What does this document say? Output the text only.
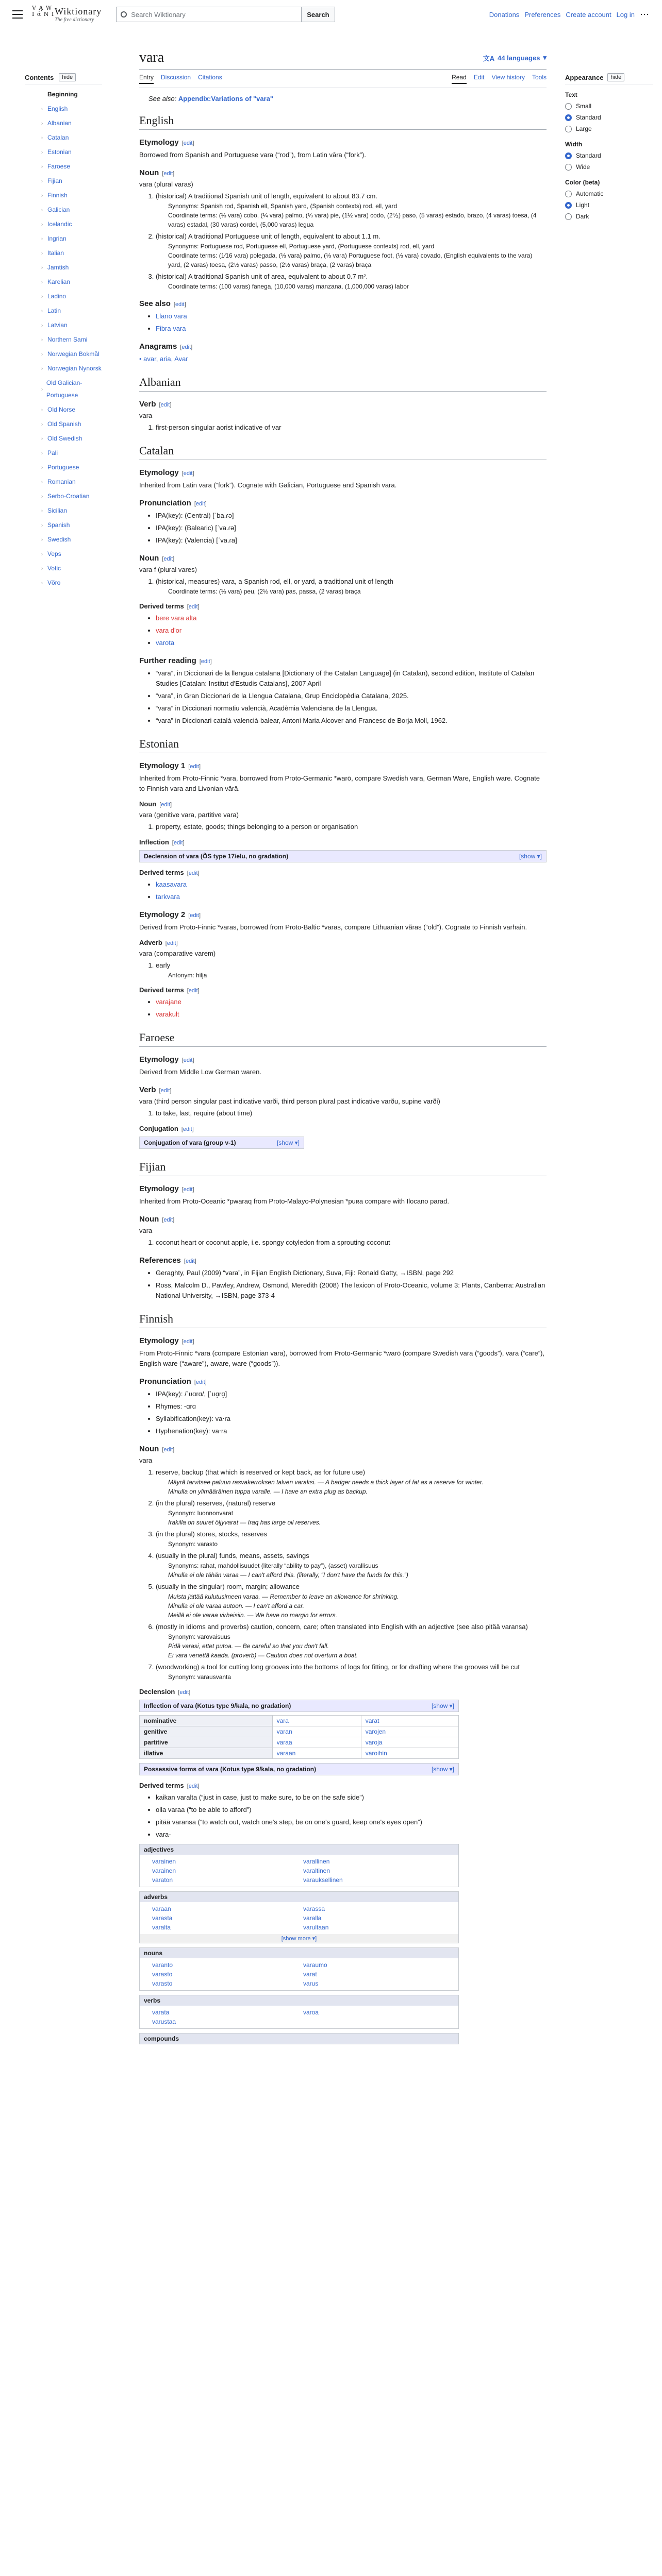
V Ą W I ά N I Wiktionary
The free dictionary
Search Wiktionary	Search	Donations Preferences Create account Log in ⋯
Contents	hide
Beginning
› English
› Albanian
› Catalan
› Estonian
› Faroese
› Fijian
› Finnish
› Galician
› Icelandic
› Ingrian
› Italian
› Jamtish
› Karelian
› Ladino
› Latin
› Latvian
› Northern Sami
› Norwegian Bokmål
› Norwegian Nynorsk
›
Old Galician-Portuguese
› Old Norse
› Old Spanish
› Old Swedish
› Pali
› Portuguese
› Romanian
› Serbo-Croatian
› Sicilian
› Spanish
› Swedish
› Veps
› Votic
› Võro
vara	文A 44 languages ▾
Entry Discussion Citations	Read Edit View history Tools
See also: Appendix:Variations of "vara"
English
Etymology [edit]

Borrowed from Spanish and Portuguese vara (“rod”), from Latin vāra (“fork”).

Noun [edit]
vara (plural varas)
1. (historical) A traditional Spanish unit of length, equivalent to about 83.7 cm.
Synonyms: Spanish rod, Spanish ell, Spanish yard, (Spanish contexts) rod, ell, yard
Coordinate terms: (⅓ vara) cobo, (¼ vara) palmo, (⅓ vara) pie, (1½ vara) codo, (2⅟₂) paso, (5 varas) estado, brazo, (4 varas) toesa, (4 varas) estadal, (30 varas) cordel, (5,000 varas) legua
2. (historical) A traditional Portuguese unit of length, equivalent to about 1.1 m.
Synonyms: Portuguese rod, Portuguese ell, Portuguese yard, (Portuguese contexts) rod, ell, yard
Coordinate terms: (1⁄16 vara) polegada, (⅓ vara) palmo, (⅓ vara) Portuguese foot, (⅓ vara) covado, (English equivalents to the vara) yard, (2 varas) toesa, (2½ varas) passo, (2½ varas) braça, (2 varas) braça
3. (historical) A traditional Spanish unit of area, equivalent to about 0.7 m².
Coordinate terms: (100 varas) fanega, (10,000 varas) manzana, (1,000,000 varas) labor
See also [edit]
• Llano vara
• Fibra vara
Anagrams [edit]

• avar, aria, Avar

Albanian
Verb [edit]
vara
1. first-person singular aorist indicative of var
Catalan
Etymology [edit]

Inherited from Latin vāra (“fork”). Cognate with Galician, Portuguese and Spanish vara.

Pronunciation [edit]
• IPA(key): (Central) [ˈba.ɾə]
• IPA(key): (Balearic) [ˈva.ɾə]
• IPA(key): (Valencia) [ˈva.ɾa]
Noun [edit]
vara f (plural vares)
1. (historical, measures) vara, a Spanish rod, ell, or yard, a traditional unit of length
Coordinate terms: (⅓ vara) peu, (2½ vara) pas, passa, (2 varas) braça
Derived terms [edit]
• bere vara alta
• vara d'or
• varota
Further reading [edit]
• “vara”, in Diccionari de la llengua catalana [Dictionary of the Catalan Language] (in Catalan), second edition, Institute of Catalan Studies [Catalan: Institut d'Estudis Catalans], 2007 April
• “vara”, in Gran Diccionari de la Llengua Catalana, Grup Enciclopèdia Catalana, 2025.
• “vara” in Diccionari normatiu valencià, Acadèmia Valenciana de la Llengua.
• “vara” in Diccionari català-valencià-balear, Antoni Maria Alcover and Francesc de Borja Moll, 1962.
Estonian
Etymology 1 [edit]

Inherited from Proto-Finnic *vara, borrowed from Proto-Germanic *warō, compare Swedish vara, German Ware, English ware. Cognate to Finnish vara and Livonian vārā.

Noun [edit]
vara (genitive vara, partitive vara)
1. property, estate, goods; things belonging to a person or organisation
Inflection [edit]
Declension of vara (ÕS type 17/elu, no gradation)	[show ▾]
Derived terms [edit]
• kaasavara
• tarkvara
Etymology 2 [edit]

Derived from Proto-Finnic *varas, borrowed from Proto-Baltic *varas, compare Lithuanian vãras (“old”). Cognate to Finnish varhain.

Adverb [edit]
vara (comparative varem)
1. early
Antonym: hilja
Derived terms [edit]
• varajane
• varakult
Faroese
Etymology [edit]

Derived from Middle Low German waren.

Verb [edit]
vara (third person singular past indicative varði, third person plural past indicative varðu, supine varði)
1. to take, last, require (about time)
Conjugation [edit]
Conjugation of vara (group v-1)	[show ▾]
Fijian
Etymology [edit]

Inherited from Proto-Oceanic *pwaraq from Proto-Malayo-Polynesian *puʀa compare with Ilocano parad.

Noun [edit]
vara
1. coconut heart or coconut apple, i.e. spongy cotyledon from a sprouting coconut
References [edit]
• Geraghty, Paul (2009) “vara”, in Fijian English Dictionary, Suva, Fiji: Ronald Gatty, →ISBN, page 292
• Ross, Malcolm D., Pawley, Andrew, Osmond, Meredith (2008) The lexicon of Proto-Oceanic, volume 3: Plants, Canberra: Australian National University, →ISBN, page 373-4
Finnish
Etymology [edit]

From Proto-Finnic *vara (compare Estonian vara), borrowed from Proto-Germanic *warō (compare Swedish vara (“goods”), vara (“care”), English ware (“aware”), aware, ware (“goods”)).

Pronunciation [edit]
• IPA(key): /ˈʋɑrɑ/, [ˈʋɑ̝rɑ̝]
• Rhymes: -ɑrɑ
• Syllabification(key): va‧ra
• Hyphenation(key): va‧ra
Noun [edit]
vara
1. reserve, backup (that which is reserved or kept back, as for future use)
Mäyrä tarvitsee paluun rasvakerroksen talven varaksi. — A badger needs a thick layer of fat as a reserve for winter.
Minulla on ylimääräinen tuppa varalle. — I have an extra plug as backup.
2. (in the plural) reserves, (natural) reserve
Synonym: luonnonvarat
Irakilla on suuret öljyvarat — Iraq has large oil reserves.
3. (in the plural) stores, stocks, reserves
Synonym: varasto
4. (usually in the plural) funds, means, assets, savings
Synonyms: rahat, mahdollisuudet (literally “ability to pay”), (asset) varallisuus
Minulla ei ole tähän varaa — I can't afford this. (literally, “I don't have the funds for this.”)
5. (usually in the singular) room, margin; allowance
Muista jättää kulutusimeen varaa. — Remember to leave an allowance for shrinking.
Minulla ei ole varaa autoon. — I can't afford a car.
Meillä ei ole varaa virheisiin. — We have no margin for errors.
6. (mostly in idioms and proverbs) caution, concern, care; often translated into English with an adjective (see also pitää varansa)
Synonym: varovaisuus
Pidä varasi, ettet putoa. — Be careful so that you don't fall.
Ei vara venettä kaada. (proverb) — Caution does not overturn a boat.
7. (woodworking) a tool for cutting long grooves into the bottoms of logs for fitting, or for drafting where the grooves will be cut
Synonym: varausvanta
Declension [edit]
Inflection of vara (Kotus type 9/kala, no gradation)	[show ▾]
nominative	vara	varat
genitive	varan	varojen
partitive	varaa	varoja
illative	varaan	varoihin
Possessive forms of vara (Kotus type 9/kala, no gradation)	[show ▾]
Derived terms [edit]
• kaikan varalta (“just in case, just to make sure, to be on the safe side”)
• olla varaa (“to be able to afford”)
• pitää varansa (“to watch out, watch one's step, be on one's guard, keep one's eyes open”)
• vara-
adjectives
varainen	varallinen
varainen	varaltinen
varaton	varauksellinen
adverbs
varaan	varassa
varasta	varalla
varalta	varultaan
[show more ▾]
nouns
varanto	varaumo
varasto	varat
varasto	varus
verbs
varata	varoa
varustaa
compounds
Appearance	hide
Text
Small
Standard
Large
Width
Standard
Wide
Color (beta)
Automatic
Light
Dark
